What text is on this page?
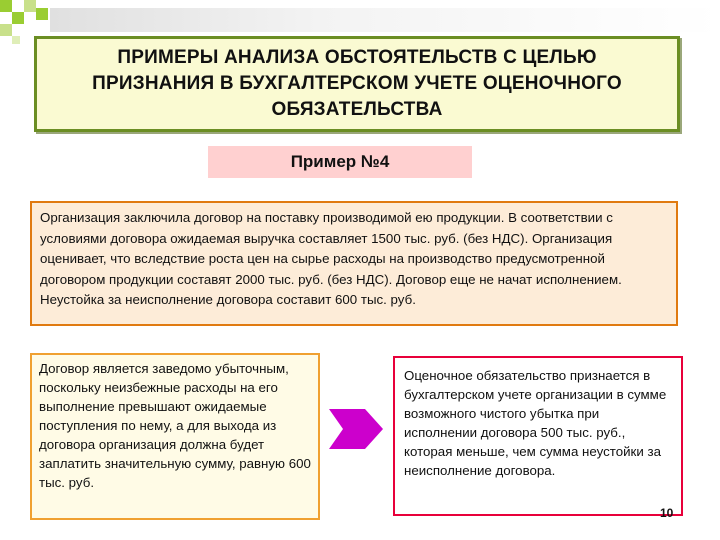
ПРИМЕРЫ АНАЛИЗА ОБСТОЯТЕЛЬСТВ С ЦЕЛЬЮ
ПРИЗНАНИЯ В БУХГАЛТЕРСКОМ УЧЕТЕ ОЦЕНОЧНОГО
ОБЯЗАТЕЛЬСТВА
Пример №4
Организация заключила договор на поставку производимой ею продукции. В соответствии с условиями договора ожидаемая выручка составляет 1500 тыс. руб. (без НДС). Организация оценивает, что вследствие роста цен на сырье расходы на производство предусмотренной договором продукции составят 2000 тыс. руб. (без НДС). Договор еще не начат исполнением. Неустойка за неисполнение договора составит 600 тыс. руб.
Договор является заведомо убыточным, поскольку неизбежные расходы на его выполнение превышают ожидаемые поступления по нему, а для выхода из договора организация должна будет заплатить значительную сумму, равную 600 тыс. руб.
Оценочное обязательство признается в бухгалтерском учете организации в сумме возможного чистого убытка при исполнении договора 500 тыс. руб., которая меньше, чем сумма неустойки за неисполнение договора.
10
